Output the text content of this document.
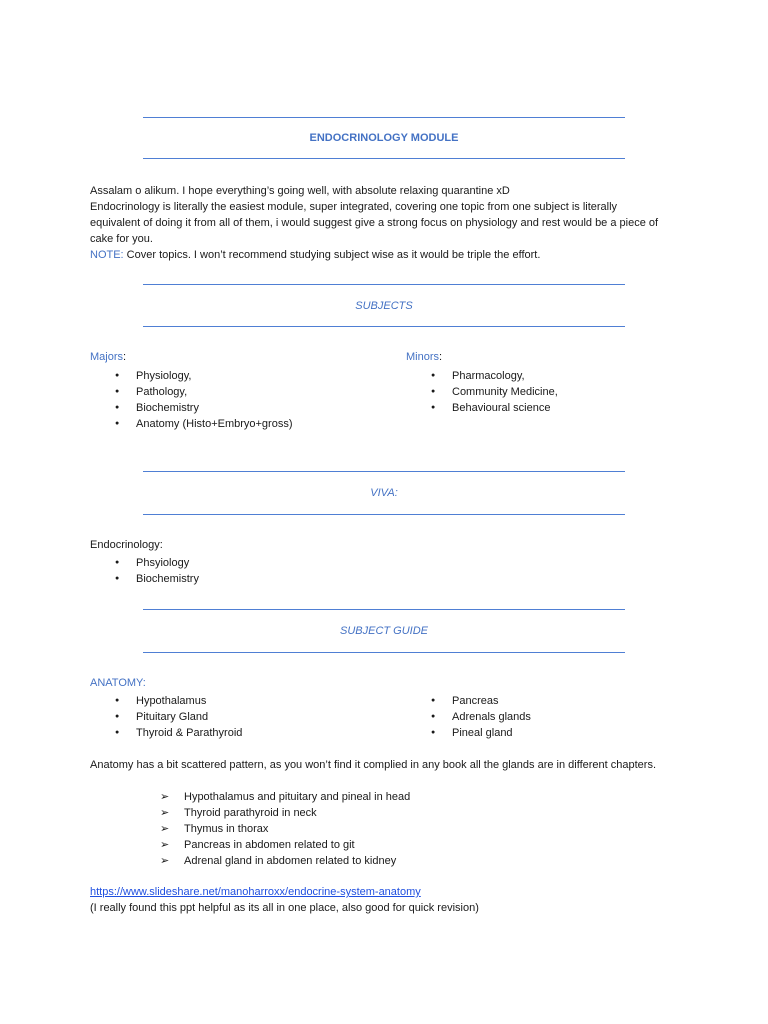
ENDOCRINOLOGY MODULE
Assalam o alikum. I hope everything’s going well, with absolute relaxing quarantine xD
Endocrinology is literally the easiest module, super integrated, covering one topic from one subject is literally equivalent of doing it from all of them, i would suggest give a strong focus on physiology and rest would be a piece of cake for you.
NOTE: Cover topics. I won’t recommend studying subject wise as it would be triple the effort.
SUBJECTS
Majors:
● Physiology,
● Pathology,
● Biochemistry
● Anatomy (Histo+Embryo+gross)
Minors:
● Pharmacology,
● Community Medicine,
● Behavioural science
VIVA:
Endocrinology:
● Phsyiology
● Biochemistry
SUBJECT GUIDE
ANATOMY:
● Hypothalamus
● Pituitary Gland
● Thyroid & Parathyroid
● Pancreas
● Adrenals glands
● Pineal gland
Anatomy has a bit scattered pattern, as you won’t find it complied in any book all the glands are in different chapters.
➢ Hypothalamus and pituitary and pineal in head
➢ Thyroid parathyroid in neck
➢ Thymus in thorax
➢ Pancreas in abdomen related to git
➢ Adrenal gland in abdomen related to kidney
https://www.slideshare.net/manoharroxx/endocrine-system-anatomy
(I really found this ppt helpful as its all in one place, also good for quick revision)
